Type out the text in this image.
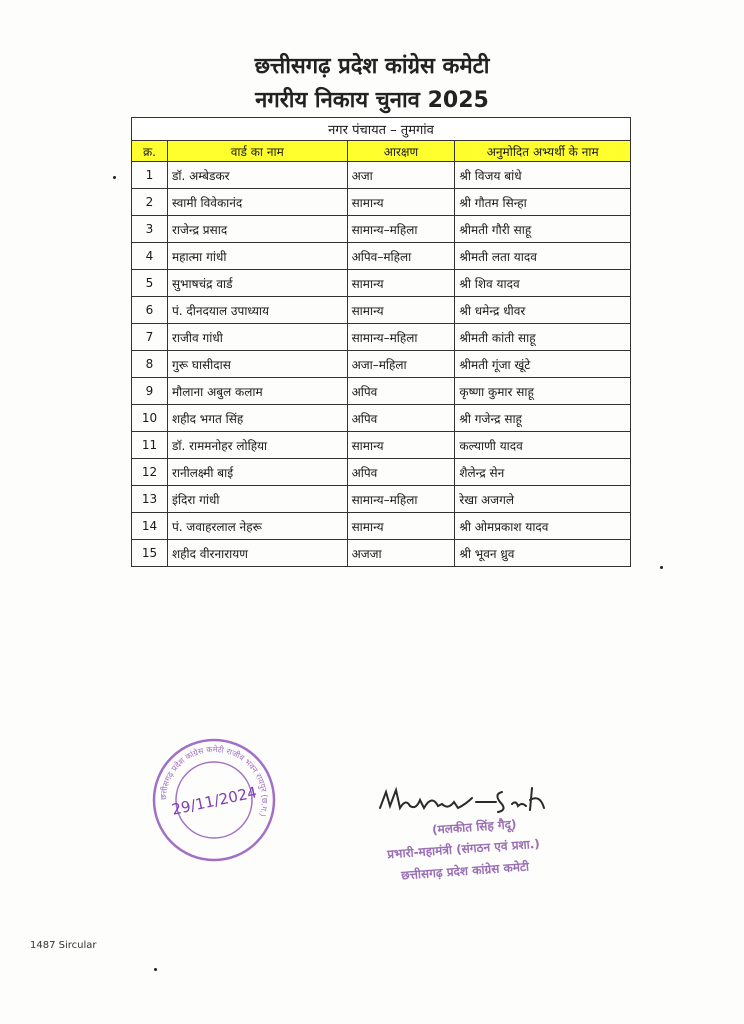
छत्तीसगढ़ प्रदेश कांग्रेस कमेटी
नगरीय निकाय चुनाव 2025
नगर पंचायत – तुमगांव			
क्र.	वार्ड का नाम	आरक्षण	अनुमोदित अभ्यर्थी के नाम
1	डॉ. अम्बेडकर	अजा	श्री विजय बांधे
2	स्वामी विवेकानंद	सामान्य	श्री गौतम सिन्हा
3	राजेन्द्र प्रसाद	सामान्य–महिला	श्रीमती गौरी साहू
4	महात्मा गांधी	अपिव–महिला	श्रीमती लता यादव
5	सुभाषचंद्र वार्ड	सामान्य	श्री शिव यादव
6	पं. दीनदयाल उपाध्याय	सामान्य	श्री धमेन्द्र धीवर
7	राजीव गांधी	सामान्य–महिला	श्रीमती कांती साहू
8	गुरू घासीदास	अजा–महिला	श्रीमती गूंजा खूंटे
9	मौलाना अबुल कलाम	अपिव	कृष्णा कुमार साहू
10	शहीद भगत सिंह	अपिव	श्री गजेन्द्र साहू
11	डॉ. राममनोहर लोहिया	सामान्य	कल्याणी यादव
12	रानीलक्ष्मी बाई	अपिव	शैलेन्द्र सेन
13	इंदिरा गांधी	सामान्य–महिला	रेखा अजगले
14	पं. जवाहरलाल नेहरू	सामान्य	श्री ओमप्रकाश यादव
15	शहीद वीरनारायण	अजजा	श्री भूवन ध्रुव
छत्तीसगढ़ प्रदेश कांग्रेस कमेटी राजीव भवन रायपुर (छ.ग.)
29/11/2024
(मलकीत सिंह गैदू)
प्रभारी-महामंत्री (संगठन एवं प्रशा.)
छत्तीसगढ़ प्रदेश कांग्रेस कमेटी
1487 Sircular
